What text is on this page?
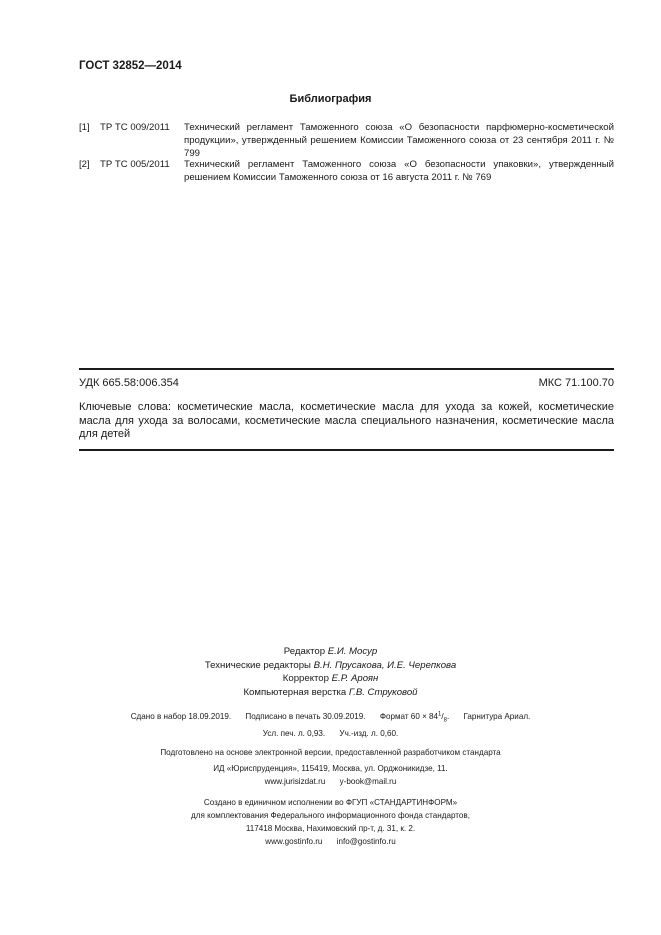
ГОСТ 32852—2014
Библиография
[1] ТР ТС 009/2011 Технический регламент Таможенного союза «О безопасности парфюмерно-косметической продукции», утвержденный решением Комиссии Таможенного союза от 23 сентября 2011 г. № 799
[2] ТР ТС 005/2011 Технический регламент Таможенного союза «О безопасности упаковки», утвержденный решением Комиссии Таможенного союза от 16 августа 2011 г. № 769
УДК 665.58:006.354	МКС 71.100.70
Ключевые слова: косметические масла, косметические масла для ухода за кожей, косметические масла для ухода за волосами, косметические масла специального назначения, косметические масла для детей
Редактор Е.И. Мосур
Технические редакторы В.Н. Прусакова, И.Е. Черепкова
Корректор Е.Р. Ароян
Компьютерная верстка Г.В. Струковой
Сдано в набор 18.09.2019. Подписано в печать 30.09.2019. Формат $60 \times 84^1/_8$. Гарнитура Ариал.
Усл. печ. л. 0,93. Уч.-изд. л. 0,60.
Подготовлено на основе электронной версии, предоставленной разработчиком стандарта
ИД «Юриспруденция», 115419, Москва, ул. Орджоникидзе, 11.
www.jurisizdat.ru y-book@mail.ru
Создано в единичном исполнении во ФГУП «СТАНДАРТИНФОРМ»
для комплектования Федерального информационного фонда стандартов,
117418 Москва, Нахимовский пр-т, д. 31, к. 2.
www.gostinfo.ru info@gostinfo.ru
